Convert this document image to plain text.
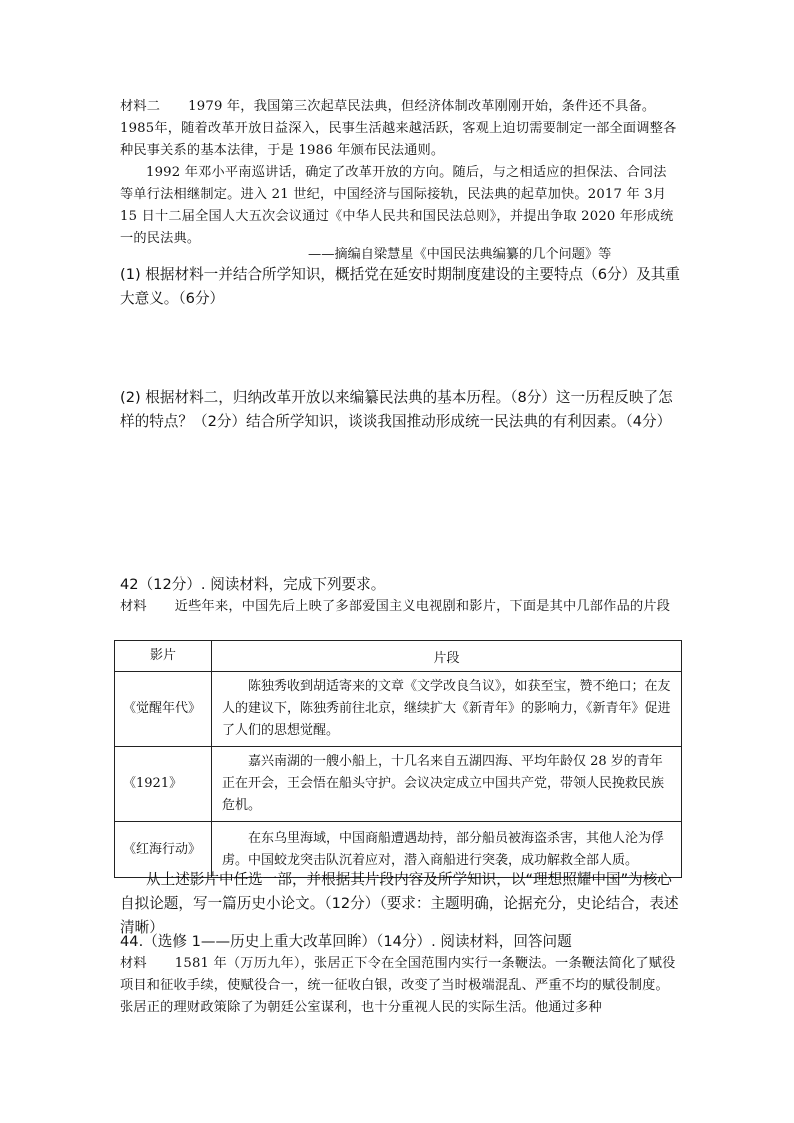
材料二 1979 年，我国第三次起草民法典，但经济体制改革刚刚开始，条件还不具备。1985年，随着改革开放日益深入，民事生活越来越活跃，客观上迫切需要制定一部全面调整各种民事关系的基本法律，于是 1986 年颁布民法通则。

1992 年邓小平南巡讲话，确定了改革开放的方向。随后，与之相适应的担保法、合同法等单行法相继制定。进入 21 世纪，中国经济与国际接轨，民法典的起草加快。2017 年 3月 15 日十二届全国人大五次会议通过《中华人民共和国民法总则》，并提出争取 2020 年形成统一的民法典。

——摘编自梁慧星《中国民法典编纂的几个问题》等

(1) 根据材料一并结合所学知识，概括党在延安时期制度建设的主要特点（6分）及其重大意义。（6分）

(2) 根据材料二，归纳改革开放以来编纂民法典的基本历程。（8分）这一历程反映了怎样的特点？（2分）结合所学知识，谈谈我国推动形成统一民法典的有利因素。（4分）

42（12分）. 阅读材料，完成下列要求。

材料 近些年来，中国先后上映了多部爱国主义电视剧和影片，下面是其中几部作品的片段

影片	片段
《觉醒年代》	陈独秀收到胡适寄来的文章《文学改良刍议》，如获至宝，赞不绝口；在友人的建议下，陈独秀前往北京，继续扩大《新青年》的影响力，《新青年》促进了人们的思想觉醒。

《1921》	嘉兴南湖的一艘小船上，十几名来自五湖四海、平均年龄仅 28 岁的青年正在开会，王会悟在船头守护。会议决定成立中国共产党，带领人民挽救民族危机。

《红海行动》	在东乌里海域，中国商船遭遇劫持，部分船员被海盗杀害，其他人沦为俘虏。中国蛟龙突击队沉着应对，潜入商船进行突袭，成功解救全部人质。

从上述影片中任选一部，并根据其片段内容及所学知识，以“理想照耀中国”为核心自拟论题，写一篇历史小论文。（12分）（要求：主题明确，论据充分，史论结合，表述清晰）

44.（选修 1——历史上重大改革回眸）（14分）. 阅读材料，回答问题

材料 1581 年（万历九年），张居正下令在全国范围内实行一条鞭法。一条鞭法简化了赋役项目和征收手续，使赋役合一，统一征收白银，改变了当时极端混乱、严重不均的赋役制度。张居正的理财政策除了为朝廷公室谋利，也十分重视人民的实际生活。他通过多种
